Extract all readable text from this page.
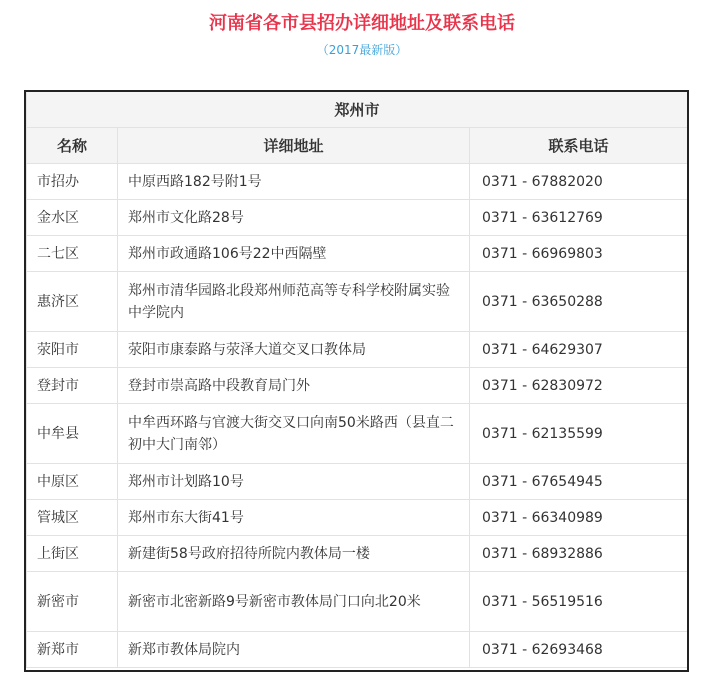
河南省各市县招办详细地址及联系电话
（2017最新版）
郑州市		
名称	详细地址	联系电话
市招办	中原西路182号附1号	0371 - 67882020
金水区	郑州市文化路28号	0371 - 63612769
二七区	郑州市政通路106号22中西隔壁	0371 - 66969803
惠济区	郑州市清华园路北段郑州师范高等专科学校附属实验中学院内	0371 - 63650288
荥阳市	荥阳市康泰路与荥泽大道交叉口教体局	0371 - 64629307
登封市	登封市崇高路中段教育局门外	0371 - 62830972
中牟县	中牟西环路与官渡大街交叉口向南50米路西（县直二初中大门南邻）	0371 - 62135599
中原区	郑州市计划路10号	0371 - 67654945
管城区	郑州市东大街41号	0371 - 66340989
上街区	新建街58号政府招待所院内教体局一楼	0371 - 68932886
新密市	新密市北密新路9号新密市教体局门口向北20米	0371 - 56519516
新郑市	新郑市教体局院内	0371 - 62693468
